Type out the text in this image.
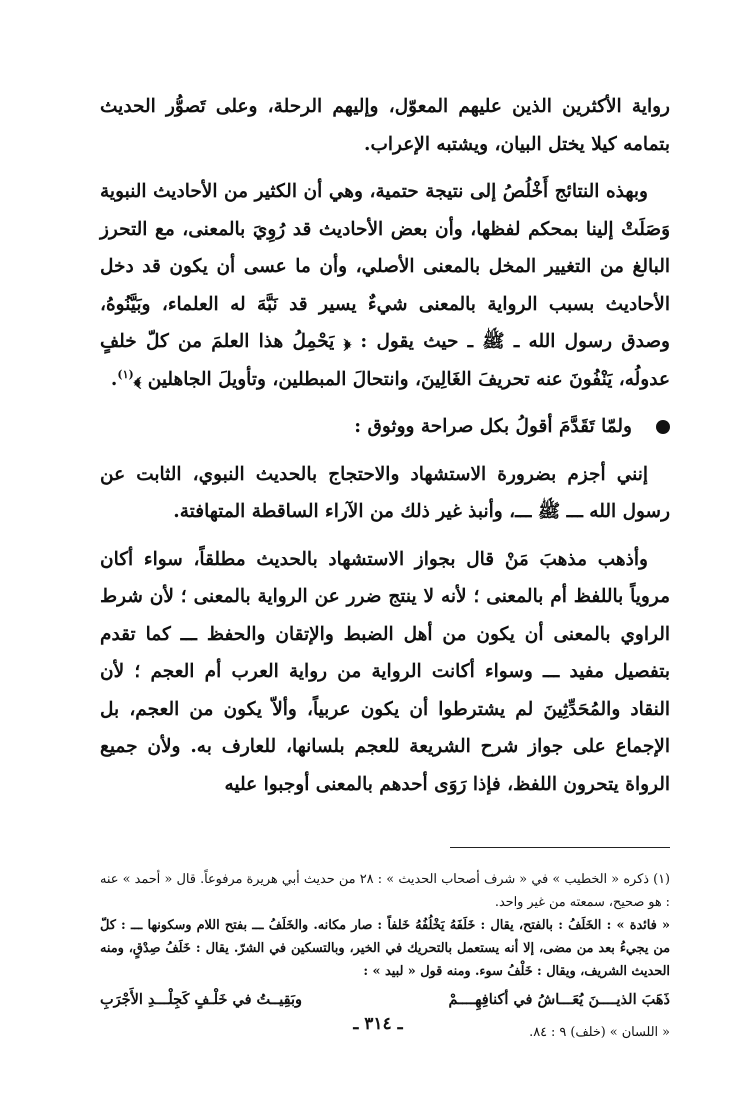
رواية الأكثرين الذين عليهم المعوّل، وإليهم الرحلة، وعلى تَصوُّر الحديث بتمامه كيلا يختل البيان، ويشتبه الإعراب.

وبهذه النتائج أَخْلُصُ إلى نتيجة حتمية، وهي أن الكثير من الأحاديث النبوية وَصَلَتْ إلينا بمحكم لفظها، وأن بعض الأحاديث قد رُوِيَ بالمعنى، مع التحرز البالغ من التغيير المخل بالمعنى الأصلي، وأن ما عسى أن يكون قد دخل الأحاديث بسبب الرواية بالمعنى شيءٌ يسير قد نَبَّهَ له العلماء، وبَيَّنُوهُ، وصدق رسول الله ـ ﷺ ـ حيث يقول : ﴿ يَحْمِلُ هذا العلمَ من كلّ خلفٍ عدولُه، يَنْفُونَ عنه تحريفَ الغَالِينَ، وانتحالَ المبطلين، وتأويلَ الجاهلين ﴾$^{(١)}$.

ولمّا تَقَدَّمَ أقولُ بكل صراحة ووثوق :

إنني أجزم بضرورة الاستشهاد والاحتجاج بالحديث النبوي، الثابت عن رسول الله ـــ ﷺ ـــ، وأنبذ غير ذلك من الآراء الساقطة المتهافتة.

وأذهب مذهبَ مَنْ قال بجواز الاستشهاد بالحديث مطلقاً، سواء أكان مروياً باللفظ أم بالمعنى ؛ لأنه لا ينتج ضرر عن الرواية بالمعنى ؛ لأن شرط الراوي بالمعنى أن يكون من أهل الضبط والإتقان والحفظ ـــ كما تقدم بتفصيل مفيد ـــ وسواء أكانت الرواية من رواية العرب أم العجم ؛ لأن النقاد والمُحَدِّثِينَ لم يشترطوا أن يكون عربياً، وألاّ يكون من العجم، بل الإجماع على جواز شرح الشريعة للعجم بلسانها، للعارف به. ولأن جميع الرواة يتحرون اللفظ، فإذا رَوَى أحدهم بالمعنى أوجبوا عليه

(١) ذكره « الخطيب » في « شرف أصحاب الحديث » : ٢٨ من حديث أبي هريرة مرفوعاً. قال « أحمد » عنه : هو صحيح، سمعته من غير واحد.

« فائدة » : الخَلَفُ : بالفتح، يقال : خَلَفَهُ يَخْلُفُهُ خَلفاً : صار مكانه. والخَلَفُ ـــ بفتح اللام وسكونها ـــ : كلّ من يجيءُ بعد من مضى، إلا أنه يستعمل بالتحريك في الخير، وبالتسكين في الشرّ. يقال : خَلَفُ صِدْقٍ، ومنه الحديث الشريف، ويقال : خَلْفُ سوء. ومنه قول « لبيد » :

ذَهَبَ الذيــــنَ يُعَـــاشُ في أكنافِهِــــمْ
وبَقِيــتُ في خَلْـفٍ كَجِلْـــدِ الأَجْرَبِ

« اللسان » (خلف) ٩ : ٨٤.

ـ ٣١٤ ـ
